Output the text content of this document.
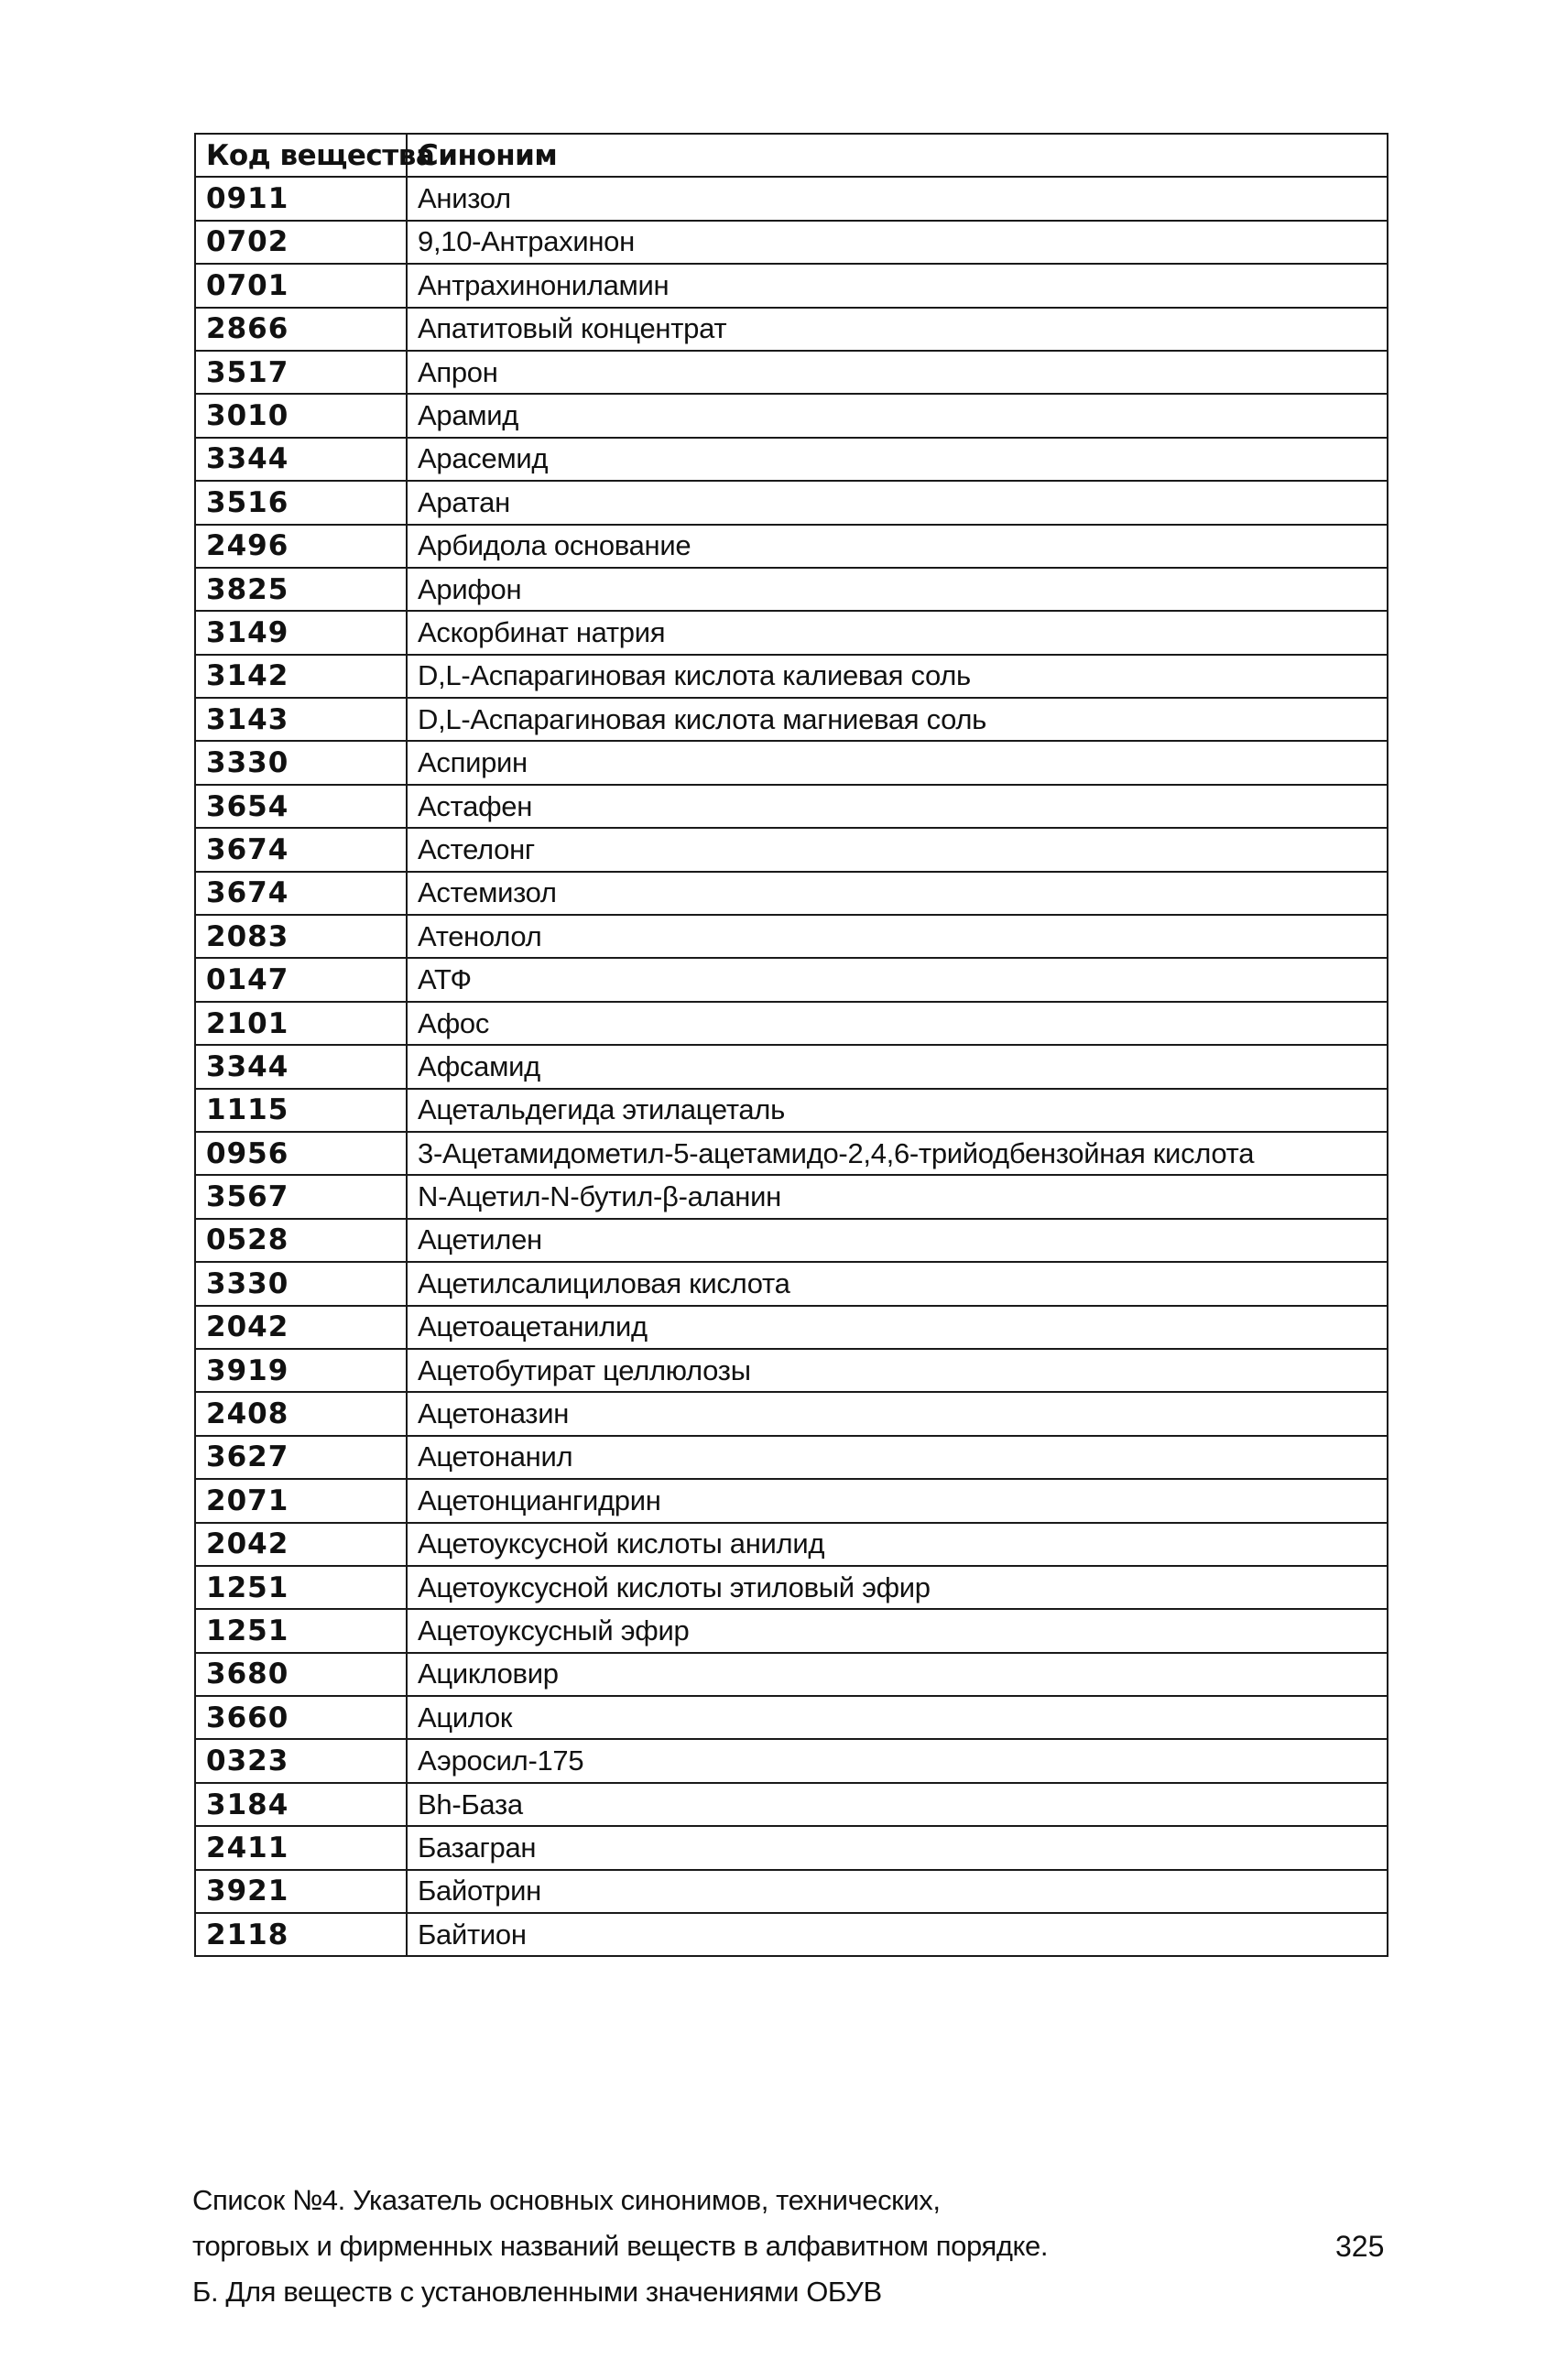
Код вещества	Синоним
0911	Анизол
0702	9,10-Антрахинон
0701	Антрахинониламин
2866	Апатитовый концентрат
3517	Апрон
3010	Арамид
3344	Арасемид
3516	Аратан
2496	Арбидола основание
3825	Арифон
3149	Аскорбинат натрия
3142	D,L-Аспарагиновая кислота калиевая соль
3143	D,L-Аспарагиновая кислота магниевая соль
3330	Аспирин
3654	Астафен
3674	Астелонг
3674	Астемизол
2083	Атенолол
0147	АТФ
2101	Афос
3344	Афсамид
1115	Ацетальдегида этилацеталь
0956	3-Ацетамидометил-5-ацетамидо-2,4,6-трийодбензойная кислота
3567	N-Ацетил-N-бутил-β-аланин
0528	Ацетилен
3330	Ацетилсалициловая кислота
2042	Ацетоацетанилид
3919	Ацетобутират целлюлозы
2408	Ацетоназин
3627	Ацетонанил
2071	Ацетонциангидрин
2042	Ацетоуксусной кислоты анилид
1251	Ацетоуксусной кислоты этиловый эфир
1251	Ацетоуксусный эфир
3680	Ацикловир
3660	Ацилок
0323	Аэросил-175
3184	Bh-База
2411	Базагран
3921	Байотрин
2118	Байтион
Список №4. Указатель основных синонимов, технических,
торговых и фирменных названий веществ в алфавитном порядке.
Б. Для веществ с установленными значениями ОБУВ
325
